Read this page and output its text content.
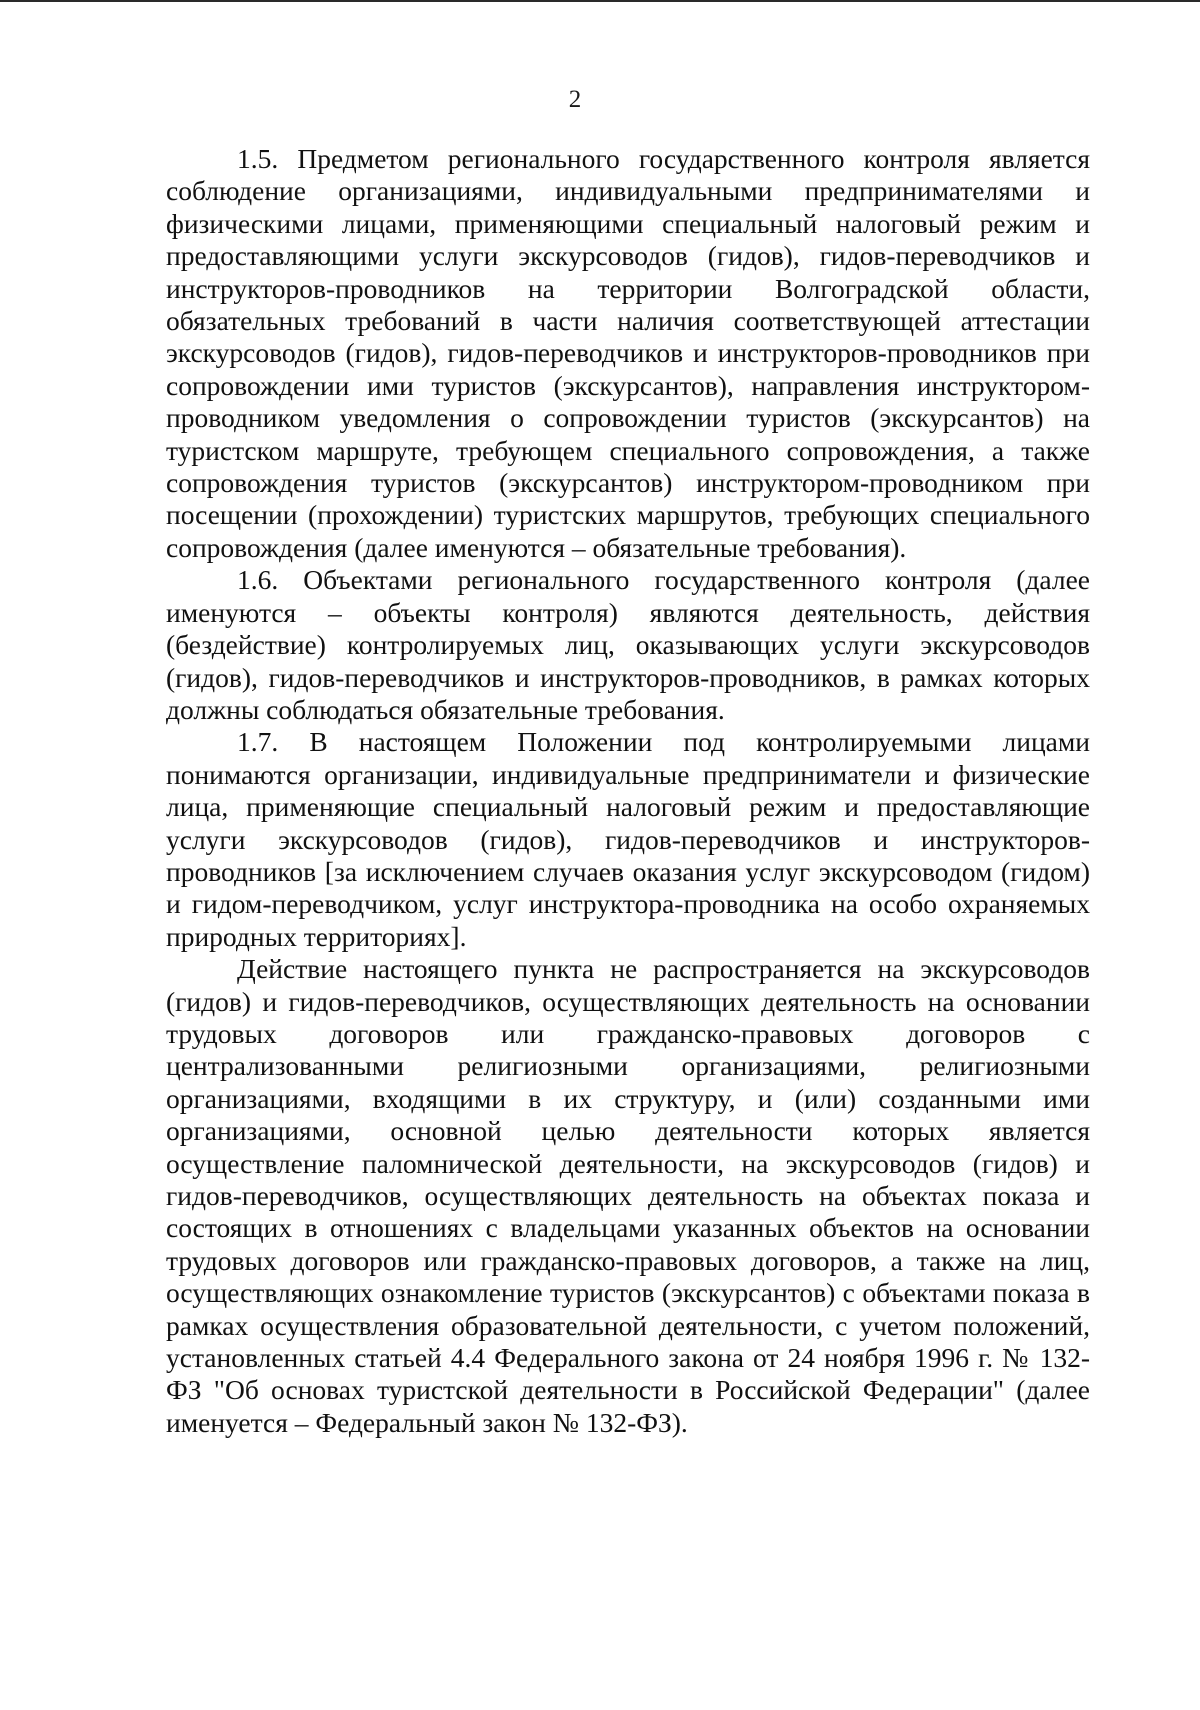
2

1.5. Предметом регионального государственного контроля является соблюдение организациями, индивидуальными предпринимателями и физическими лицами, применяющими специальный налоговый режим и предоставляющими услуги экскурсоводов (гидов), гидов-переводчиков и инструкторов-проводников на территории Волгоградской области, обязательных требований в части наличия соответствующей аттестации экскурсоводов (гидов), гидов-переводчиков и инструкторов-проводников при сопровождении ими туристов (экскурсантов), направления инструктором-проводником уведомления о сопровождении туристов (экскурсантов) на туристском маршруте, требующем специального сопровождения, а также сопровождения туристов (экскурсантов) инструктором-проводником при посещении (прохождении) туристских маршрутов, требующих специального сопровождения (далее именуются – обязательные требования).

1.6. Объектами регионального государственного контроля (далее именуются – объекты контроля) являются деятельность, действия (бездействие) контролируемых лиц, оказывающих услуги экскурсоводов (гидов), гидов-переводчиков и инструкторов-проводников, в рамках которых должны соблюдаться обязательные требования.

1.7. В настоящем Положении под контролируемыми лицами понимаются организации, индивидуальные предприниматели и физические лица, применяющие специальный налоговый режим и предоставляющие услуги экскурсоводов (гидов), гидов-переводчиков и инструкторов-проводников [за исключением случаев оказания услуг экскурсоводом (гидом) и гидом-переводчиком, услуг инструктора-проводника на особо охраняемых природных территориях].

Действие настоящего пункта не распространяется на экскурсоводов (гидов) и гидов-переводчиков, осуществляющих деятельность на основании трудовых договоров или гражданско-правовых договоров с централизованными религиозными организациями, религиозными организациями, входящими в их структуру, и (или) созданными ими организациями, основной целью деятельности которых является осуществление паломнической деятельности, на экскурсоводов (гидов) и гидов-переводчиков, осуществляющих деятельность на объектах показа и состоящих в отношениях с владельцами указанных объектов на основании трудовых договоров или гражданско-правовых договоров, а также на лиц, осуществляющих ознакомление туристов (экскурсантов) с объектами показа в рамках осуществления образовательной деятельности, с учетом положений, установленных статьей 4.4 Федерального закона от 24 ноября 1996 г. № 132-ФЗ "Об основах туристской деятельности в Российской Федерации" (далее именуется – Федеральный закон № 132-ФЗ).
